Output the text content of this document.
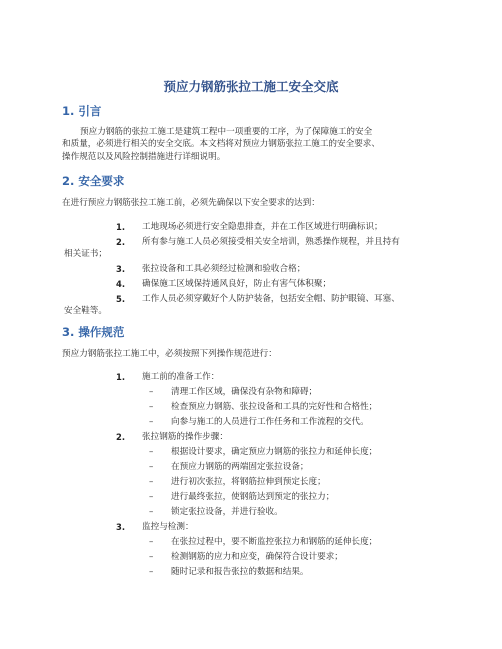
预应力钢筋张拉工施工安全交底
1. 引言

预应力钢筋的张拉工施工是建筑工程中一项重要的工序，为了保障施工的安全

和质量，必须进行相关的安全交底。本文档将对预应力钢筋张拉工施工的安全要求、

操作规范以及风险控制措施进行详细说明。

2. 安全要求

在进行预应力钢筋张拉工施工前，必须先确保以下安全要求的达到：

1. 工地现场必须进行安全隐患排查，并在工作区域进行明确标识；
2. 所有参与施工人员必须接受相关安全培训，熟悉操作规程，并且持有
相关证书；
3. 张拉设备和工具必须经过检测和验收合格；
4. 确保施工区域保持通风良好，防止有害气体积聚；
5. 工作人员必须穿戴好个人防护装备，包括安全帽、防护眼镜、耳塞、
安全鞋等。
3. 操作规范

预应力钢筋张拉工施工中，必须按照下列操作规范进行：

1. 施工前的准备工作：
– 清理工作区域，确保没有杂物和障碍；
– 检查预应力钢筋、张拉设备和工具的完好性和合格性；
– 向参与施工的人员进行工作任务和工作流程的交代。
2. 张拉钢筋的操作步骤：
– 根据设计要求，确定预应力钢筋的张拉力和延伸长度；
– 在预应力钢筋的两端固定张拉设备；
– 进行初次张拉，将钢筋拉伸到预定长度；
– 进行最终张拉，使钢筋达到预定的张拉力；
– 锁定张拉设备，并进行验收。
3. 监控与检测：
– 在张拉过程中，要不断监控张拉力和钢筋的延伸长度；
– 检测钢筋的应力和应变，确保符合设计要求；
– 随时记录和报告张拉的数据和结果。
